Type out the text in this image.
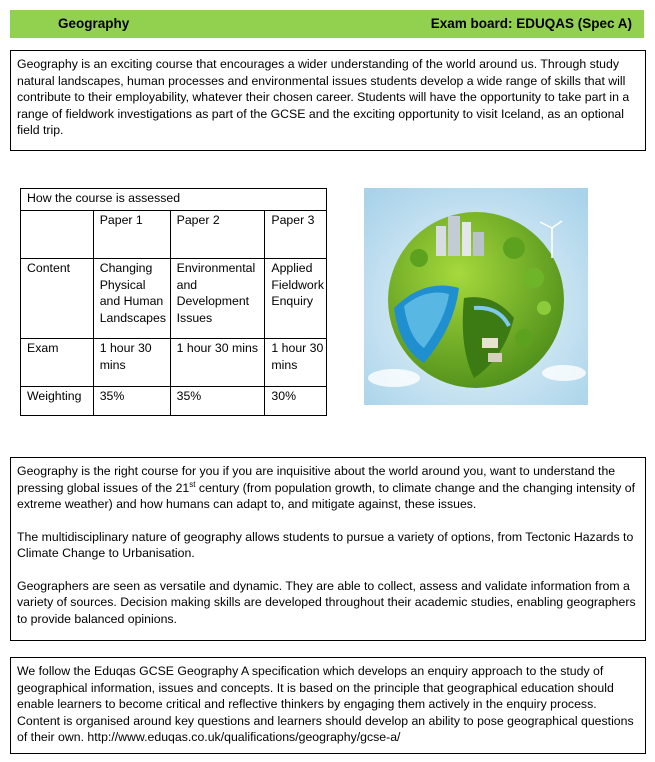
Geography	Exam board: EDUQAS (Spec A)

Geography is an exciting course that encourages a wider understanding of the world around us. Through study natural landscapes, human processes and environmental issues students develop a wide range of skills that will contribute to their employability, whatever their chosen career. Students will have the opportunity to take part in a range of fieldwork investigations as part of the GCSE and the exciting opportunity to visit Iceland, as an optional field trip.

How the course is assessed			
	Paper 1	Paper 2	Paper 3
Content	Changing Physical and Human Landscapes	Environmental and Development Issues	Applied Fieldwork Enquiry
Exam	1 hour 30 mins	1 hour 30 mins	1 hour 30 mins
Weighting	35%	35%	30%

Geography is the right course for you if you are inquisitive about the world around you, want to understand the pressing global issues of the 21st century (from population growth, to climate change and the changing intensity of extreme weather) and how humans can adapt to, and mitigate against, these issues.

The multidisciplinary nature of geography allows students to pursue a variety of options, from Tectonic Hazards to Climate Change to Urbanisation.

Geographers are seen as versatile and dynamic. They are able to collect, assess and validate information from a variety of sources. Decision making skills are developed throughout their academic studies, enabling geographers to provide balanced opinions.

We follow the Eduqas GCSE Geography A specification which develops an enquiry approach to the study of geographical information, issues and concepts. It is based on the principle that geographical education should enable learners to become critical and reflective thinkers by engaging them actively in the enquiry process. Content is organised around key questions and learners should develop an ability to pose geographical questions of their own. http://www.eduqas.co.uk/qualifications/geography/gcse-a/
